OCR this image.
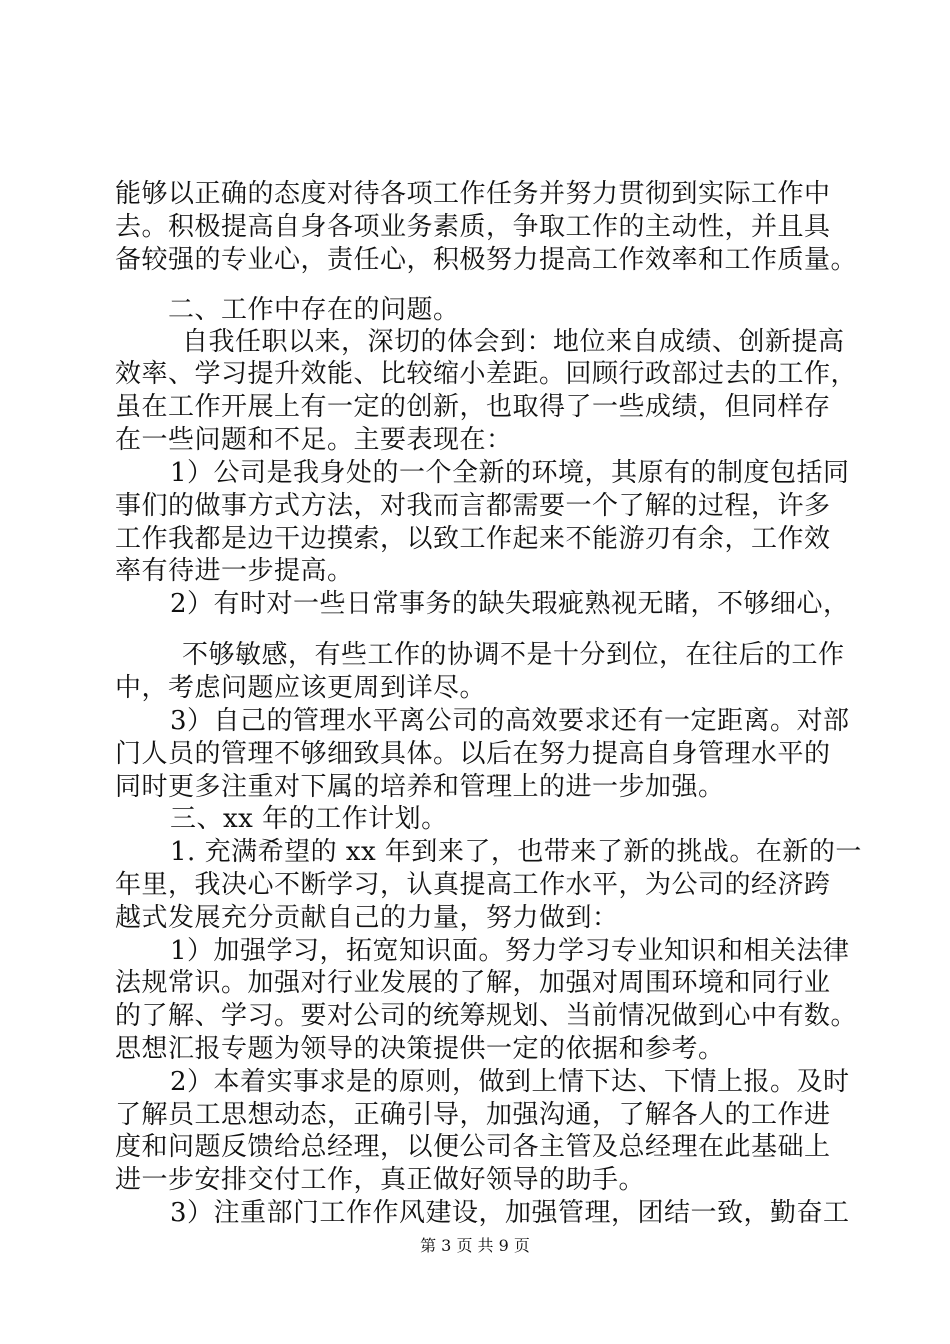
能够以正确的态度对待各项工作任务并努力贯彻到实际工作中
去。积极提高自身各项业务素质，争取工作的主动性，并且具
备较强的专业心，责任心，积极努力提高工作效率和工作质量。
二、工作中存在的问题。
自我任职以来，深切的体会到：地位来自成绩、创新提高
效率、学习提升效能、比较缩小差距。回顾行政部过去的工作，
虽在工作开展上有一定的创新，也取得了一些成绩，但同样存
在一些问题和不足。主要表现在：
1）公司是我身处的一个全新的环境，其原有的制度包括同
事们的做事方式方法，对我而言都需要一个了解的过程，许多
工作我都是边干边摸索，以致工作起来不能游刃有余，工作效
率有待进一步提高。
2）有时对一些日常事务的缺失瑕疵熟视无睹，不够细心，
不够敏感，有些工作的协调不是十分到位，在往后的工作
中，考虑问题应该更周到详尽。
3）自己的管理水平离公司的高效要求还有一定距离。对部
门人员的管理不够细致具体。以后在努力提高自身管理水平的
同时更多注重对下属的培养和管理上的进一步加强。
三、xx 年的工作计划。
1. 充满希望的 xx 年到来了，也带来了新的挑战。在新的一
年里，我决心不断学习，认真提高工作水平，为公司的经济跨
越式发展充分贡献自己的力量，努力做到：
1）加强学习，拓宽知识面。努力学习专业知识和相关法律
法规常识。加强对行业发展的了解，加强对周围环境和同行业
的了解、学习。要对公司的统筹规划、当前情况做到心中有数。
思想汇报专题为领导的决策提供一定的依据和参考。
2）本着实事求是的原则，做到上情下达、下情上报。及时
了解员工思想动态，正确引导，加强沟通，了解各人的工作进
度和问题反馈给总经理，以便公司各主管及总经理在此基础上
进一步安排交付工作，真正做好领导的助手。
3）注重部门工作作风建设，加强管理，团结一致，勤奋工
第 3 页 共 9 页
